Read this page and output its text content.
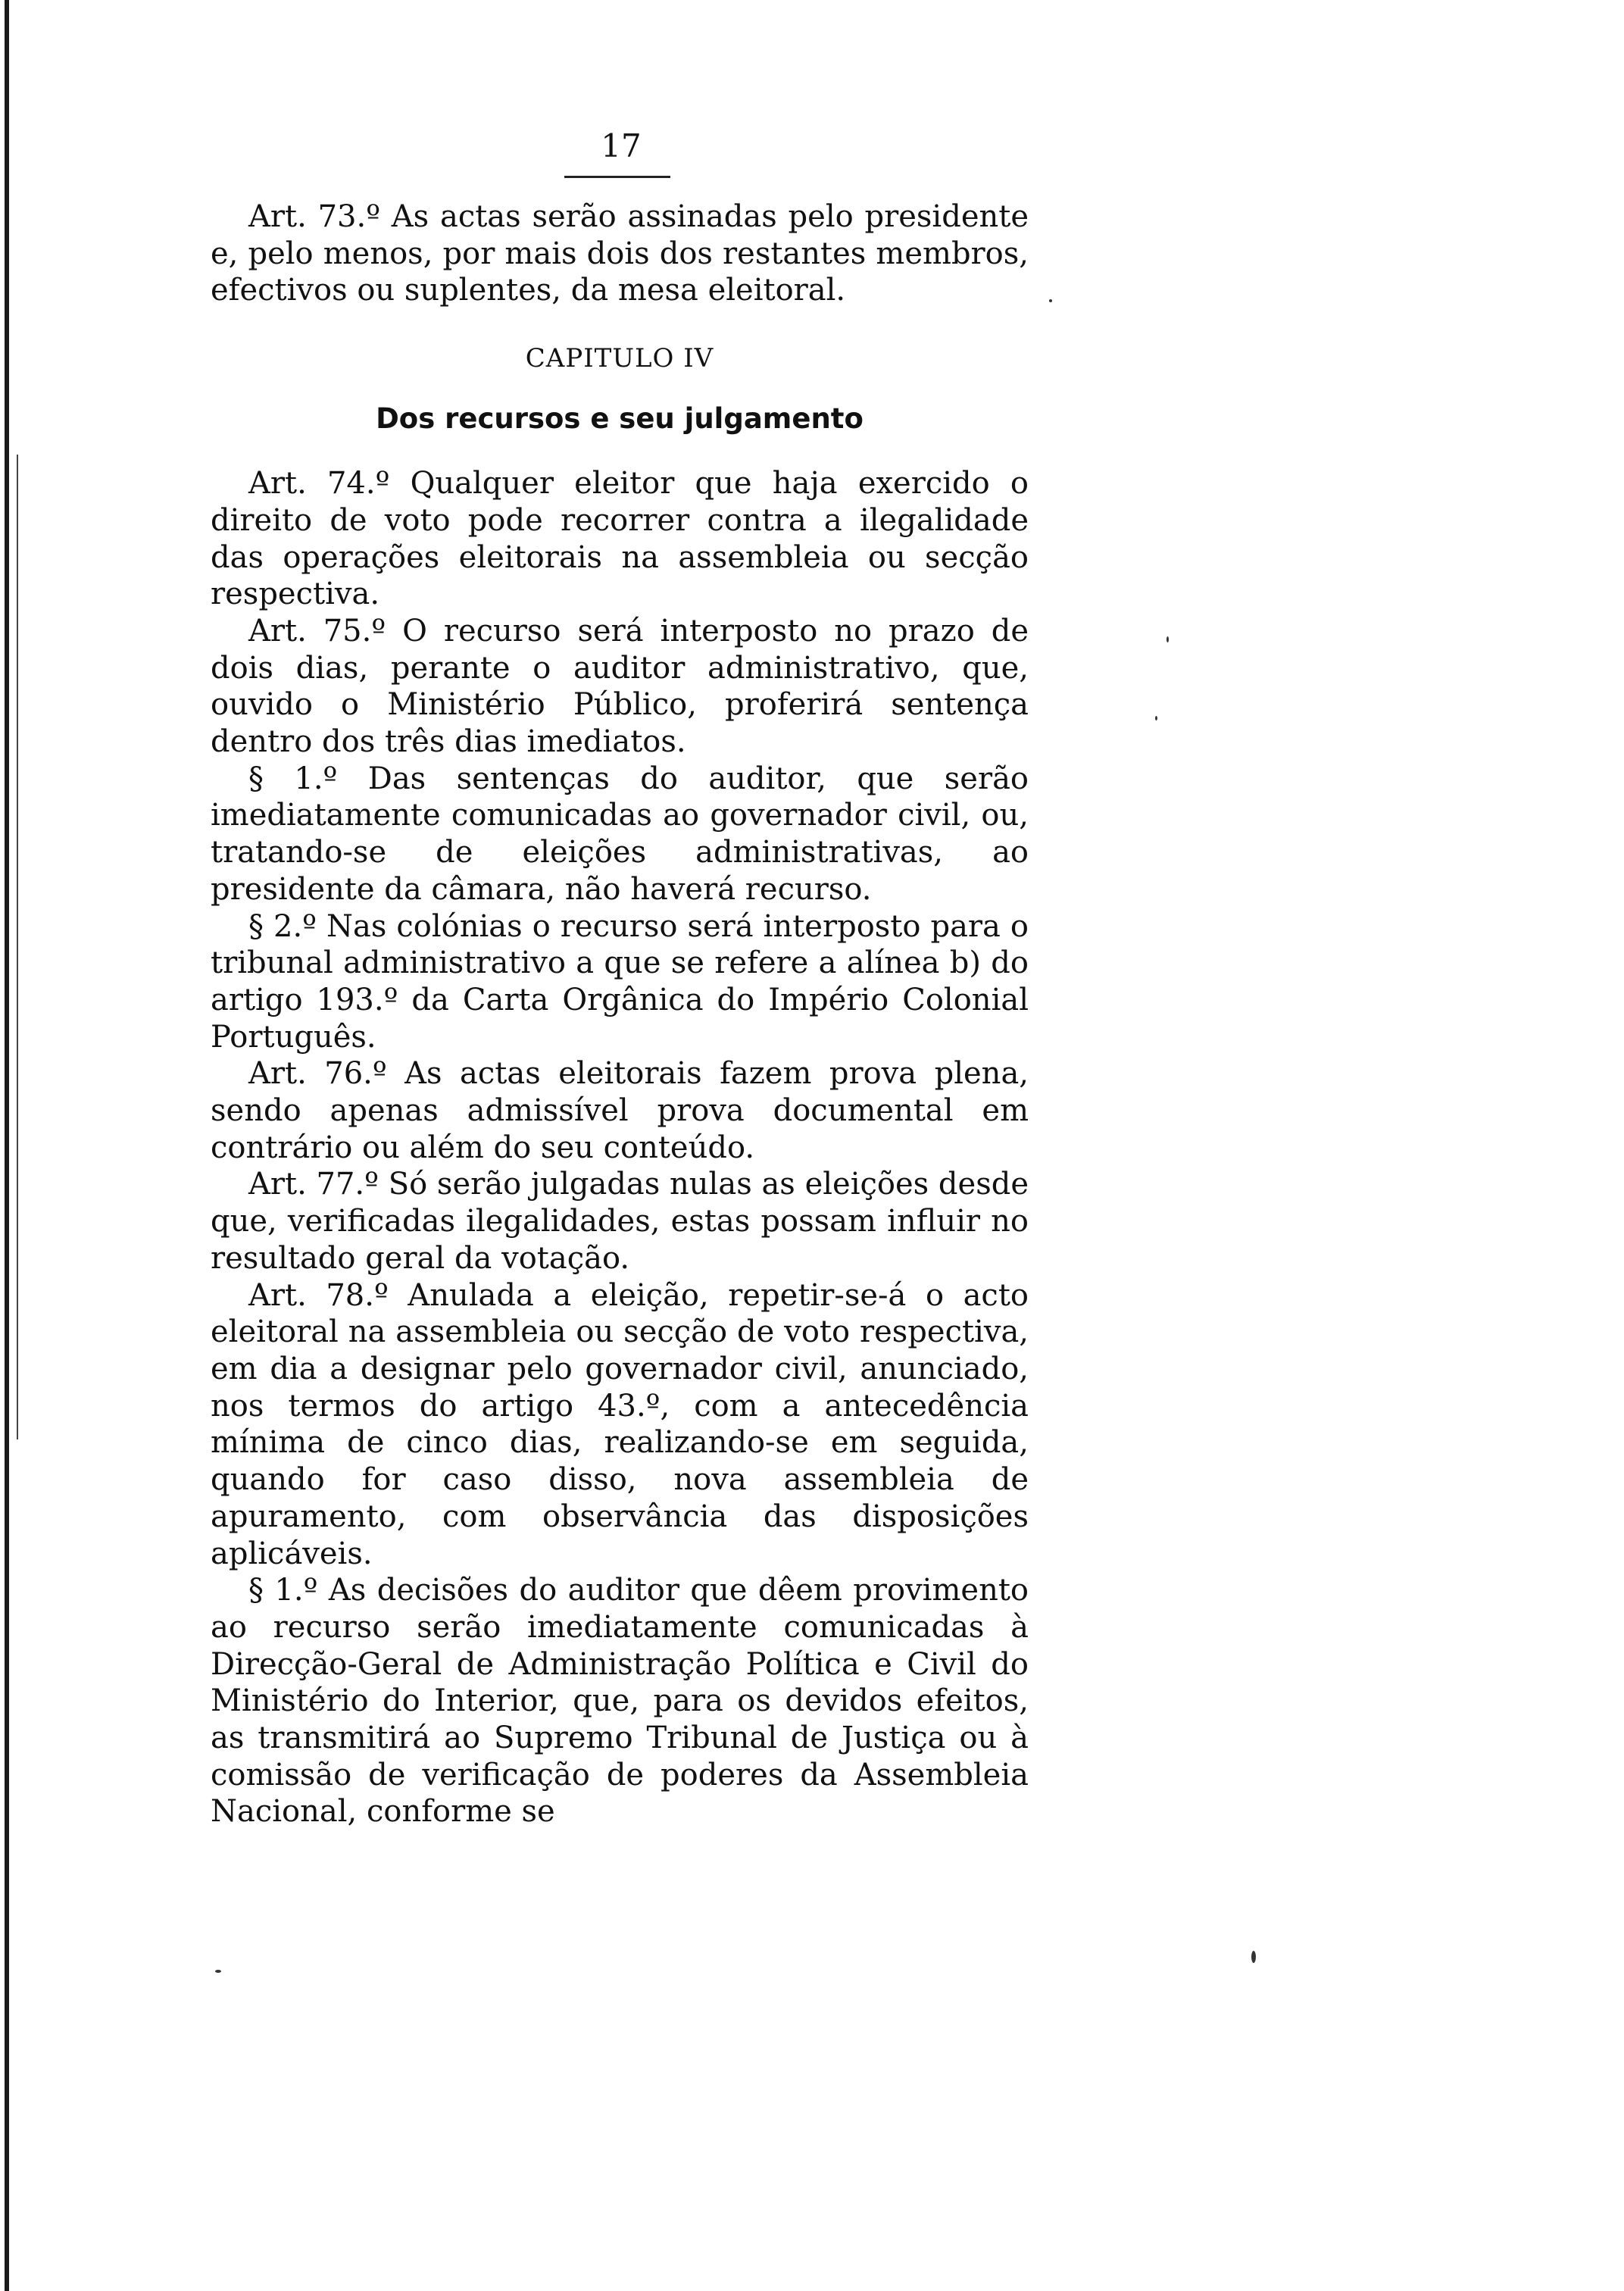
17

Art. 73.º As actas serão assinadas pelo presidente e, pelo menos, por mais dois dos restantes membros, efectivos ou suplentes, da mesa eleitoral.

CAPITULO IV
Dos recursos e seu julgamento

Art. 74.º Qualquer eleitor que haja exercido o direito de voto pode recorrer contra a ilegalidade das operações eleitorais na assembleia ou secção respectiva.

Art. 75.º O recurso será interposto no prazo de dois dias, perante o auditor administrativo, que, ouvido o Ministério Público, proferirá sentença dentro dos três dias imediatos.

§ 1.º Das sentenças do auditor, que serão imediatamente comunicadas ao governador civil, ou, tratando-se de eleições administrativas, ao presidente da câmara, não haverá recurso.

§ 2.º Nas colónias o recurso será interposto para o tribunal administrativo a que se refere a alínea b) do artigo 193.º da Carta Orgânica do Império Colonial Português.

Art. 76.º As actas eleitorais fazem prova plena, sendo apenas admissível prova documental em contrário ou além do seu conteúdo.

Art. 77.º Só serão julgadas nulas as eleições desde que, verificadas ilegalidades, estas possam influir no resultado geral da votação.

Art. 78.º Anulada a eleição, repetir-se-á o acto eleitoral na assembleia ou secção de voto respectiva, em dia a designar pelo governador civil, anunciado, nos termos do artigo 43.º, com a antecedência mínima de cinco dias, realizando-se em seguida, quando for caso disso, nova assembleia de apuramento, com observância das disposições aplicáveis.

§ 1.º As decisões do auditor que dêem provimento ao recurso serão imediatamente comunicadas à Direcção-Geral de Administração Política e Civil do Ministério do Interior, que, para os devidos efeitos, as transmitirá ao Supremo Tribunal de Justiça ou à comissão de verificação de poderes da Assembleia Nacional, conforme se
